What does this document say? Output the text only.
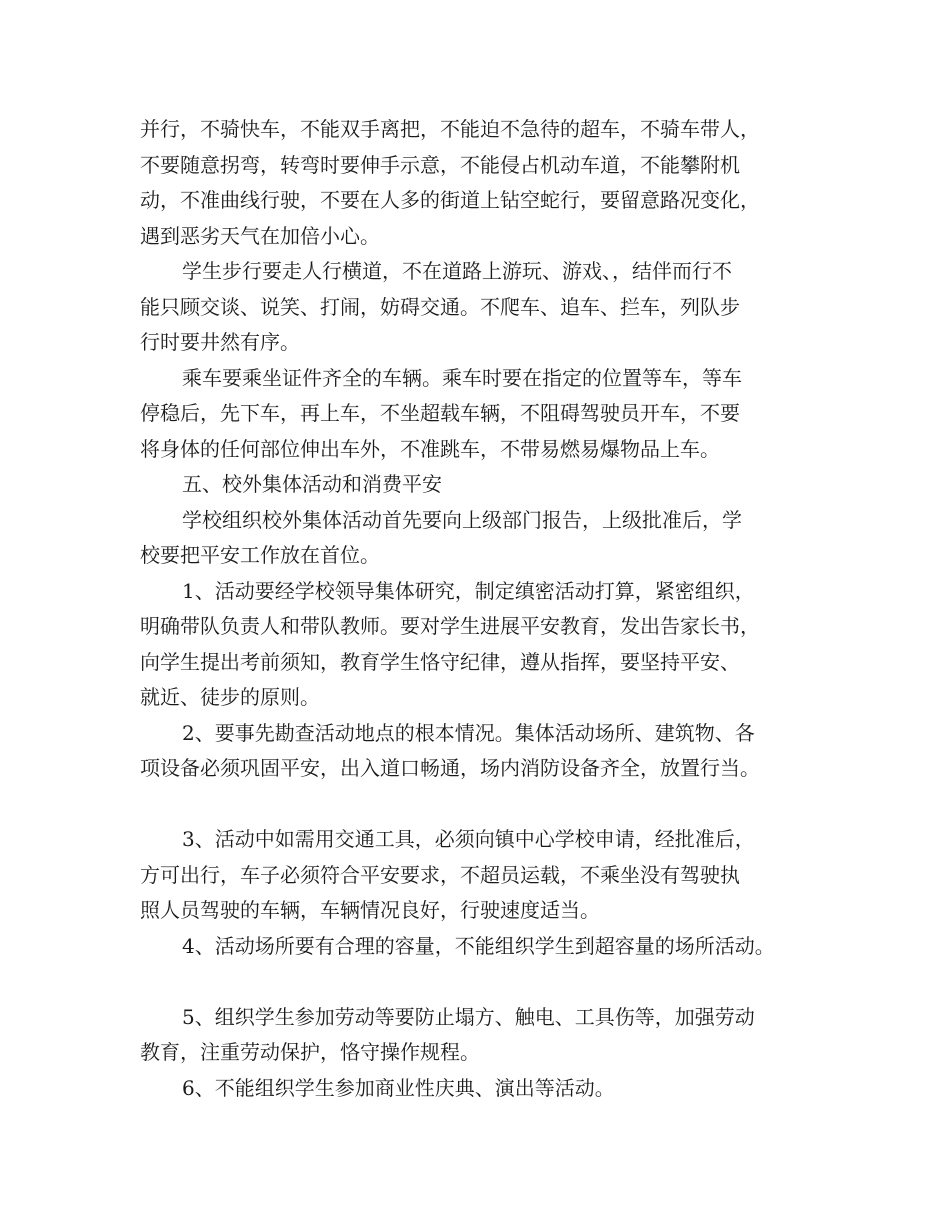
并行，不骑快车，不能双手离把，不能迫不急待的超车，不骑车带人，
不要随意拐弯，转弯时要伸手示意，不能侵占机动车道，不能攀附机
动，不准曲线行驶，不要在人多的街道上钻空蛇行，要留意路况变化，
遇到恶劣天气在加倍小心。
学生步行要走人行横道，不在道路上游玩、游戏、，结伴而行不
能只顾交谈、说笑、打闹，妨碍交通。不爬车、追车、拦车，列队步
行时要井然有序。
乘车要乘坐证件齐全的车辆。乘车时要在指定的位置等车，等车
停稳后，先下车，再上车，不坐超载车辆，不阻碍驾驶员开车，不要
将身体的任何部位伸出车外，不准跳车，不带易燃易爆物品上车。
五、校外集体活动和消费平安
学校组织校外集体活动首先要向上级部门报告，上级批准后，学
校要把平安工作放在首位。
1、活动要经学校领导集体研究，制定缜密活动打算，紧密组织，
明确带队负责人和带队教师。要对学生进展平安教育，发出告家长书，
向学生提出考前须知，教育学生恪守纪律，遵从指挥，要坚持平安、
就近、徒步的原则。
2、要事先勘查活动地点的根本情况。集体活动场所、建筑物、各
项设备必须巩固平安，出入道口畅通，场内消防设备齐全，放置行当。
3、活动中如需用交通工具，必须向镇中心学校申请，经批准后，
方可出行，车子必须符合平安要求，不超员运载，不乘坐没有驾驶执
照人员驾驶的车辆，车辆情况良好，行驶速度适当。
4、活动场所要有合理的容量，不能组织学生到超容量的场所活动。
5、组织学生参加劳动等要防止塌方、触电、工具伤等，加强劳动
教育，注重劳动保护，恪守操作规程。
6、不能组织学生参加商业性庆典、演出等活动。
